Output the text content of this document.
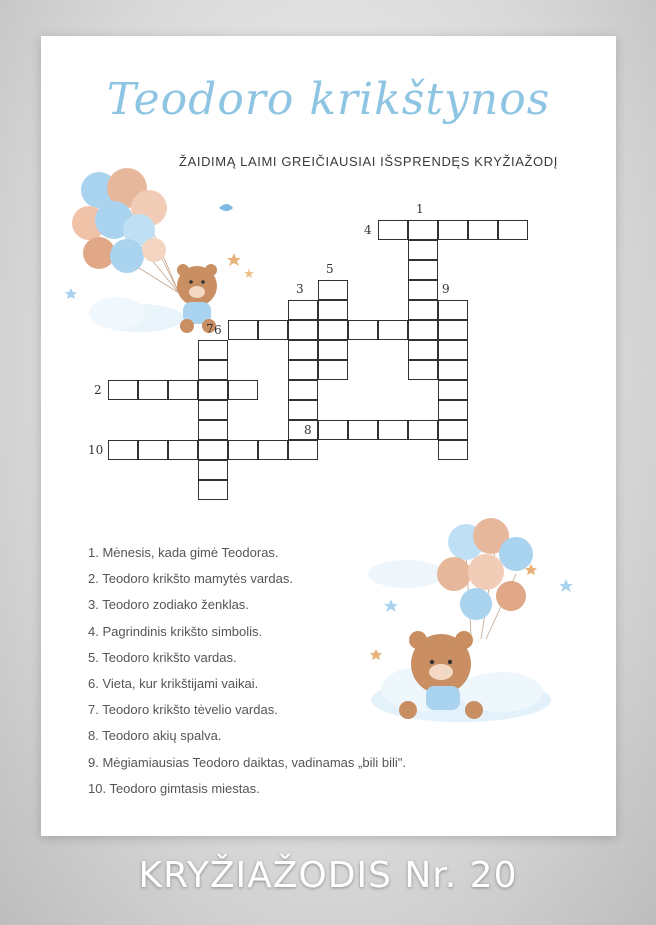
Teodoro krikštynos
ŽAIDIMĄ LAIMI GREIČIAUSIAI IŠSPRENDĘS KRYŽIAŽODĮ
1
2
3
4
5
6
7
8
9
10
1. Mėnesis, kada gimė Teodoras.
2. Teodoro krikšto mamytės vardas.
3. Teodoro zodiako ženklas.
4. Pagrindinis krikšto simbolis.
5. Teodoro krikšto vardas.
6. Vieta, kur krikštijami vaikai.
7. Teodoro krikšto tėvelio vardas.
8. Teodoro akių spalva.
9. Mėgiamiausias Teodoro daiktas, vadinamas „bili bili".
10. Teodoro gimtasis miestas.
KRYŽIAŽODIS Nr. 20
